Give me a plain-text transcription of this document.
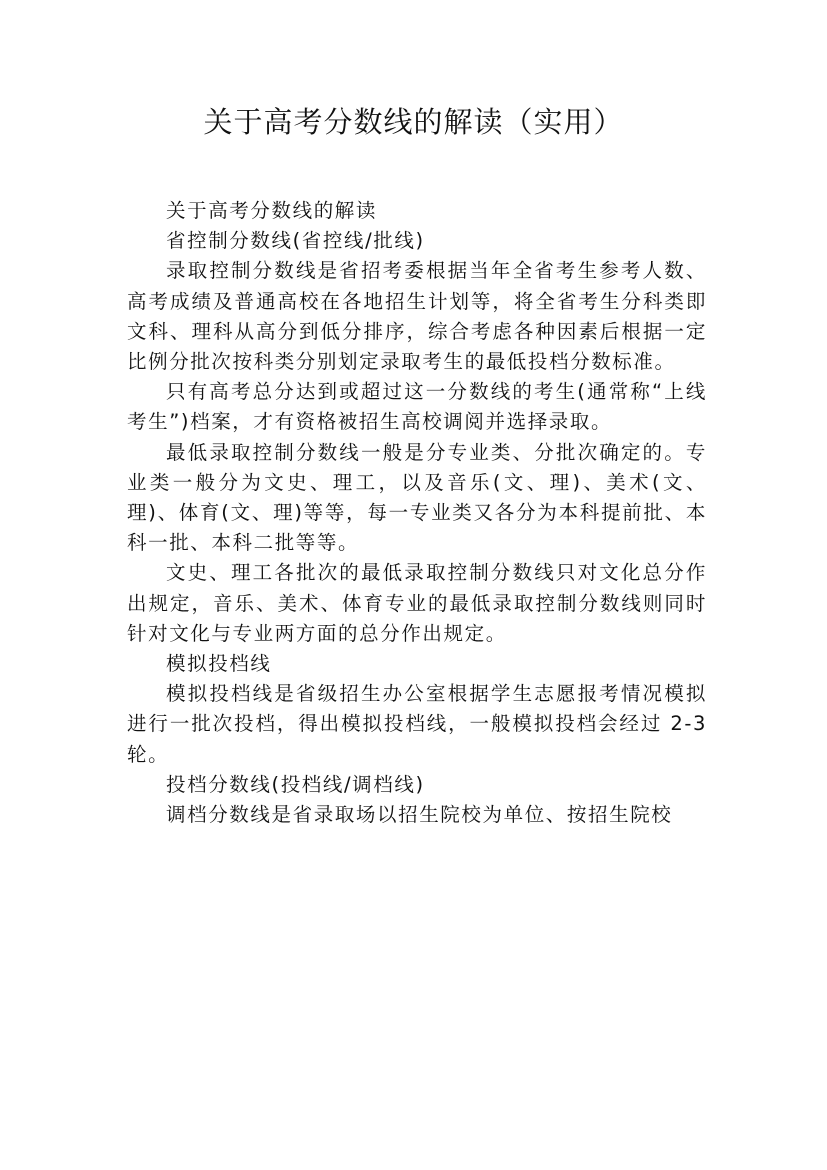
关于高考分数线的解读（实用）

关于高考分数线的解读

省控制分数线(省控线/批线)

录取控制分数线是省招考委根据当年全省考生参考人数、高考成绩及普通高校在各地招生计划等，将全省考生分科类即文科、理科从高分到低分排序，综合考虑各种因素后根据一定比例分批次按科类分别划定录取考生的最低投档分数标准。

只有高考总分达到或超过这一分数线的考生(通常称“上线考生”)档案，才有资格被招生高校调阅并选择录取。

最低录取控制分数线一般是分专业类、分批次确定的。专业类一般分为文史、理工，以及音乐(文、理)、美术(文、理)、体育(文、理)等等，每一专业类又各分为本科提前批、本科一批、本科二批等等。

文史、理工各批次的最低录取控制分数线只对文化总分作出规定，音乐、美术、体育专业的最低录取控制分数线则同时针对文化与专业两方面的总分作出规定。

模拟投档线

模拟投档线是省级招生办公室根据学生志愿报考情况模拟进行一批次投档，得出模拟投档线，一般模拟投档会经过 2-3 轮。

投档分数线(投档线/调档线)

调档分数线是省录取场以招生院校为单位、按招生院校
